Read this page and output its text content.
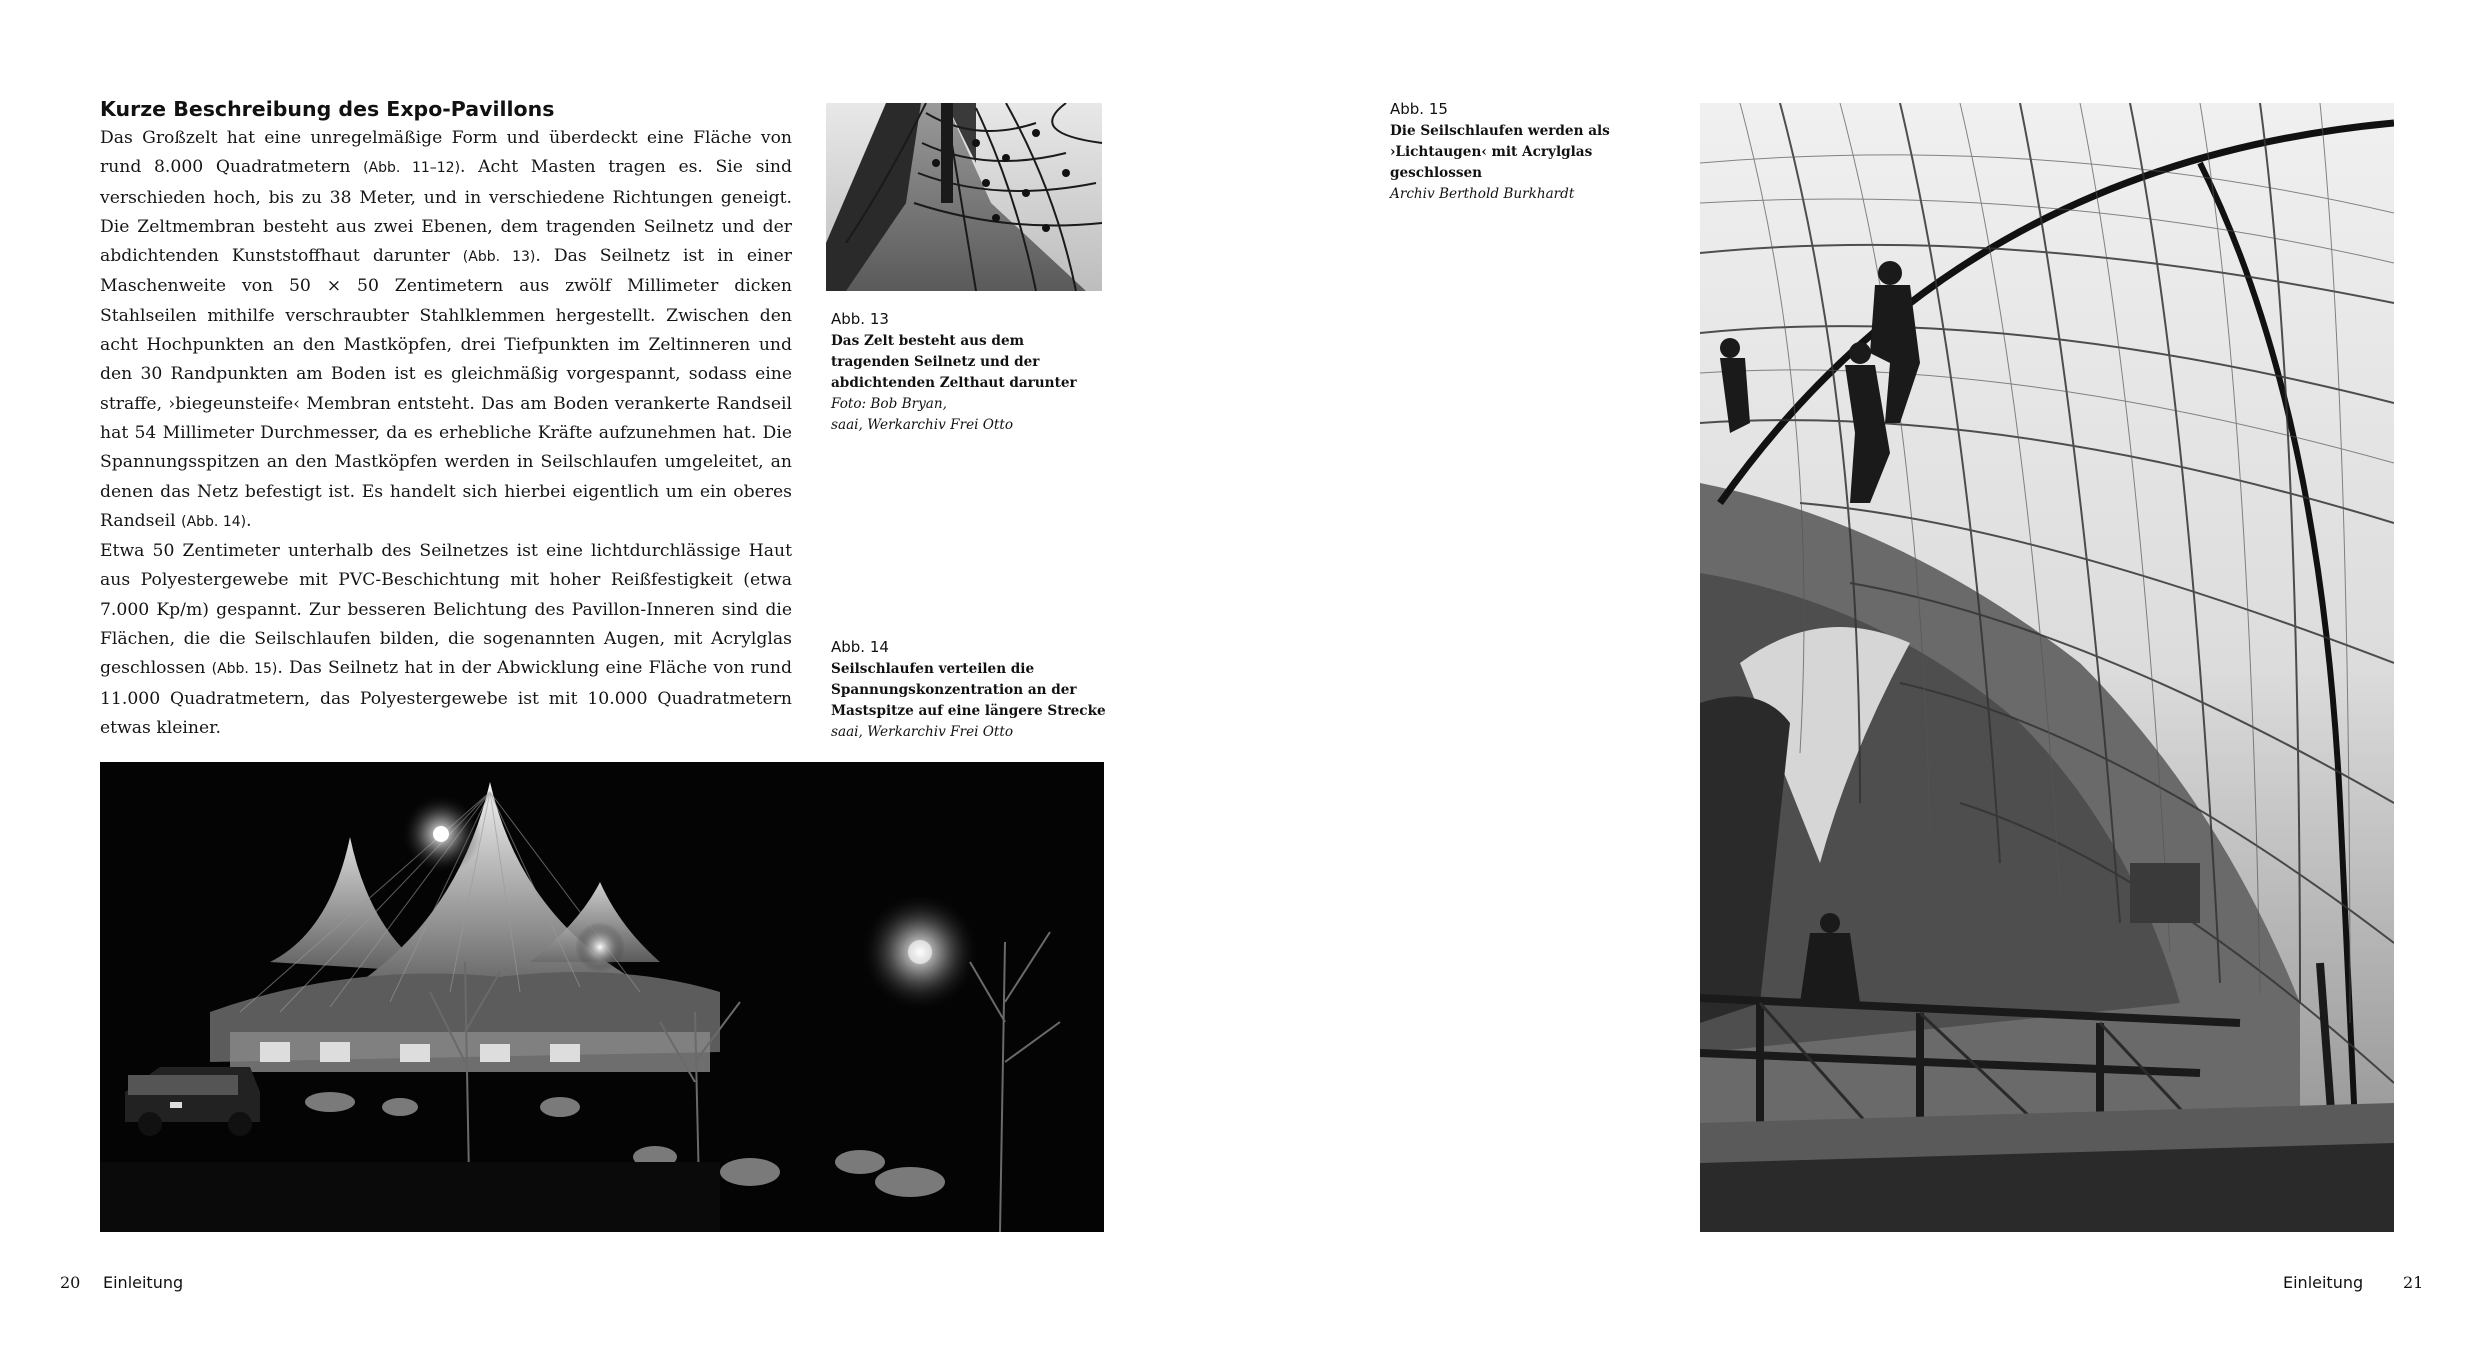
Kurze Beschreibung des Expo-Pavillons

Das Großzelt hat eine unregelmäßige Form und überdeckt eine Fläche von rund 8.000 Quadratmetern (Abb. 11–12). Acht Masten tragen es. Sie sind verschieden hoch, bis zu 38 Meter, und in verschiedene Richtungen geneigt. Die Zeltmembran besteht aus zwei Ebenen, dem tragenden Seilnetz und der abdichtenden Kunststoffhaut darunter (Abb. 13). Das Seilnetz ist in einer Maschenweite von 50 × 50 Zentimetern aus zwölf Millimeter dicken Stahlseilen mithilfe verschraubter Stahlklemmen hergestellt. Zwischen den acht Hochpunkten an den Mastköpfen, drei Tiefpunkten im Zeltinneren und den 30 Randpunkten am Boden ist es gleichmäßig vorgespannt, sodass eine straffe, ›biegeunsteife‹ Membran entsteht. Das am Boden verankerte Randseil hat 54 Millimeter Durchmesser, da es erhebliche Kräfte aufzunehmen hat. Die Spannungsspitzen an den Mastköpfen werden in Seilschlaufen umgeleitet, an denen das Netz befestigt ist. Es handelt sich hierbei eigentlich um ein oberes Randseil (Abb. 14).

Etwa 50 Zentimeter unterhalb des Seilnetzes ist eine lichtdurchlässige Haut aus Polyestergewebe mit PVC-Beschichtung mit hoher Reißfestigkeit (etwa 7.000 Kp/m) gespannt. Zur besseren Belichtung des Pavillon-Inneren sind die Flächen, die die Seilschlaufen bilden, die sogenannten Augen, mit Acrylglas geschlossen (Abb. 15). Das Seilnetz hat in der Abwicklung eine Fläche von rund 11.000 Quadratmetern, das Polyestergewebe ist mit 10.000 Quadratmetern etwas kleiner.

Abb. 13
Das Zelt besteht aus dem tragenden Seilnetz und der abdichtenden Zelthaut darunter
Foto: Bob Bryan,
saai, Werkarchiv Frei Otto
Abb. 14
Seilschlaufen verteilen die Spannungskonzentration an der Mastspitze auf eine längere Strecke
saai, Werkarchiv Frei Otto
20 Einleitung
Abb. 15
Die Seilschlaufen werden als ›Lichtaugen‹ mit Acrylglas geschlossen
Archiv Berthold Burkhardt
Einleitung 21
